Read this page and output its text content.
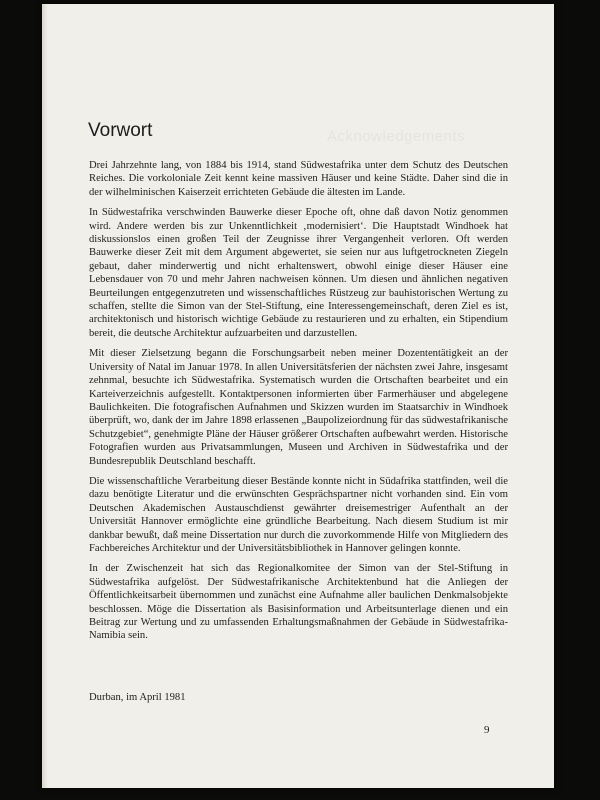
Vorwort	Acknowledgements

Drei Jahrzehnte lang, von 1884 bis 1914, stand Südwestafrika unter dem Schutz des Deutschen Reiches. Die vorkoloniale Zeit kennt keine massiven Häuser und keine Städte. Daher sind die in der wilhelminischen Kaiserzeit errichteten Gebäude die ältesten im Lande.

In Südwestafrika verschwinden Bauwerke dieser Epoche oft, ohne daß davon Notiz genommen wird. Andere werden bis zur Unkenntlichkeit ‚modernisiert‘. Die Hauptstadt Windhoek hat diskussionslos einen großen Teil der Zeugnisse ihrer Vergangenheit verloren. Oft werden Bauwerke dieser Zeit mit dem Argument abgewertet, sie seien nur aus luftgetrockneten Ziegeln gebaut, daher minderwertig und nicht erhaltenswert, obwohl einige dieser Häuser eine Lebensdauer von 70 und mehr Jahren nachweisen können. Um diesen und ähnlichen negativen Beurteilungen entgegenzutreten und wissenschaftliches Rüstzeug zur bauhistorischen Wertung zu schaffen, stellte die Simon van der Stel-Stiftung, eine Interessengemeinschaft, deren Ziel es ist, architektonisch und historisch wichtige Gebäude zu restaurieren und zu erhalten, ein Stipendium bereit, die deutsche Architektur aufzuarbeiten und darzustellen.

Mit dieser Zielsetzung begann die Forschungsarbeit neben meiner Dozententätigkeit an der University of Natal im Januar 1978. In allen Universitätsferien der nächsten zwei Jahre, insgesamt zehnmal, besuchte ich Südwestafrika. Systematisch wurden die Ortschaften bearbeitet und ein Karteiverzeichnis aufgestellt. Kontaktpersonen informierten über Farmerhäuser und abgelegene Baulichkeiten. Die fotografischen Aufnahmen und Skizzen wurden im Staatsarchiv in Windhoek überprüft, wo, dank der im Jahre 1898 erlassenen „Baupolizeiordnung für das südwestafrikanische Schutzgebiet“, genehmigte Pläne der Häuser größerer Ortschaften aufbewahrt werden. Historische Fotografien wurden aus Privatsammlungen, Museen und Archiven in Südwestafrika und der Bundesrepublik Deutschland beschafft.

Die wissenschaftliche Verarbeitung dieser Bestände konnte nicht in Südafrika stattfinden, weil die dazu benötigte Literatur und die erwünschten Gesprächspartner nicht vorhanden sind. Ein vom Deutschen Akademischen Austauschdienst gewährter dreisemestriger Aufenthalt an der Universität Hannover ermöglichte eine gründliche Bearbeitung. Nach diesem Studium ist mir dankbar bewußt, daß meine Dissertation nur durch die zuvorkommende Hilfe von Mitgliedern des Fachbereiches Architektur und der Universitätsbibliothek in Hannover gelingen konnte.

In der Zwischenzeit hat sich das Regionalkomitee der Simon van der Stel-Stiftung in Südwestafrika aufgelöst. Der Südwestafrikanische Architektenbund hat die Anliegen der Öffentlichkeitsarbeit übernommen und zunächst eine Aufnahme aller baulichen Denkmalsobjekte beschlossen. Möge die Dissertation als Basisinformation und Arbeitsunterlage dienen und ein Beitrag zur Wertung und zu umfassenden Erhaltungsmaßnahmen der Gebäude in Südwestafrika-Namibia sein.

Durban, im April 1981

9
